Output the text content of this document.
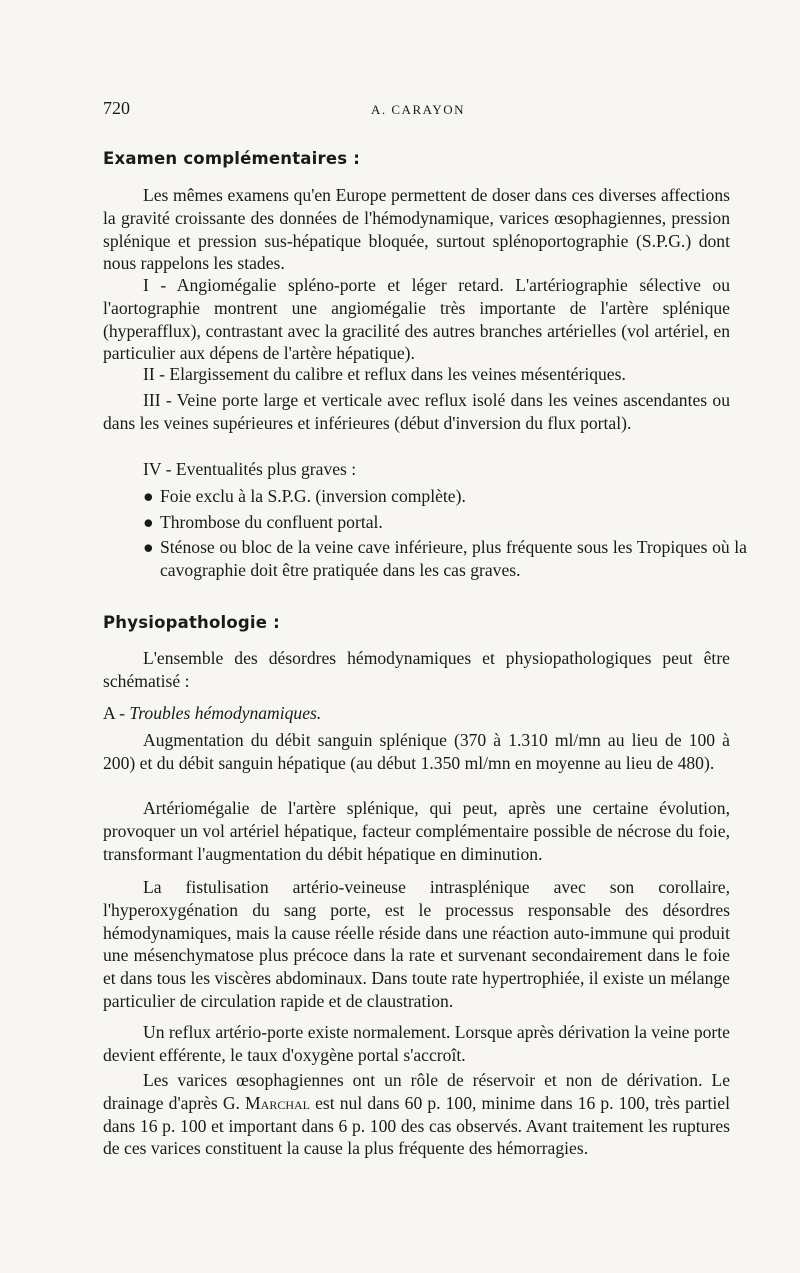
720	A. CARAYON
Examen complémentaires :

Les mêmes examens qu'en Europe permettent de doser dans ces diverses affections la gravité croissante des données de l'hémodynamique, varices œsophagiennes, pression splénique et pression sus-hépatique bloquée, surtout splénoportographie (S.P.G.) dont nous rappelons les stades.

I - Angiomégalie spléno-porte et léger retard. L'artériographie sélective ou l'aortographie montrent une angiomégalie très importante de l'artère splénique (hyperafflux), contrastant avec la gracilité des autres branches artérielles (vol artériel, en particulier aux dépens de l'artère hépatique).

II - Elargissement du calibre et reflux dans les veines mésentériques.

III - Veine porte large et verticale avec reflux isolé dans les veines ascendantes ou dans les veines supérieures et inférieures (début d'inversion du flux portal).

IV - Eventualités plus graves :

● Foie exclu à la S.P.G. (inversion complète).

● Thrombose du confluent portal.

● Sténose ou bloc de la veine cave inférieure, plus fréquente sous les Tropiques où la cavographie doit être pratiquée dans les cas graves.

Physiopathologie :

L'ensemble des désordres hémodynamiques et physiopathologiques peut être schématisé :

A - Troubles hémodynamiques.

Augmentation du débit sanguin splénique (370 à 1.310 ml/mn au lieu de 100 à 200) et du débit sanguin hépatique (au début 1.350 ml/mn en moyenne au lieu de 480).

Artériomégalie de l'artère splénique, qui peut, après une certaine évolution, provoquer un vol artériel hépatique, facteur complémentaire possible de nécrose du foie, transformant l'augmentation du débit hépatique en diminution.

La fistulisation artério-veineuse intrasplénique avec son corollaire, l'hyperoxygénation du sang porte, est le processus responsable des désordres hémodynamiques, mais la cause réelle réside dans une réaction auto-immune qui produit une mésenchymatose plus précoce dans la rate et survenant secondairement dans le foie et dans tous les viscères abdominaux. Dans toute rate hypertrophiée, il existe un mélange particulier de circulation rapide et de claustration.

Un reflux artério-porte existe normalement. Lorsque après dérivation la veine porte devient efférente, le taux d'oxygène portal s'accroît.

Les varices œsophagiennes ont un rôle de réservoir et non de dérivation. Le drainage d'après G. Marchal est nul dans 60 p. 100, minime dans 16 p. 100, très partiel dans 16 p. 100 et important dans 6 p. 100 des cas observés. Avant traitement les ruptures de ces varices constituent la cause la plus fréquente des hémorragies.
